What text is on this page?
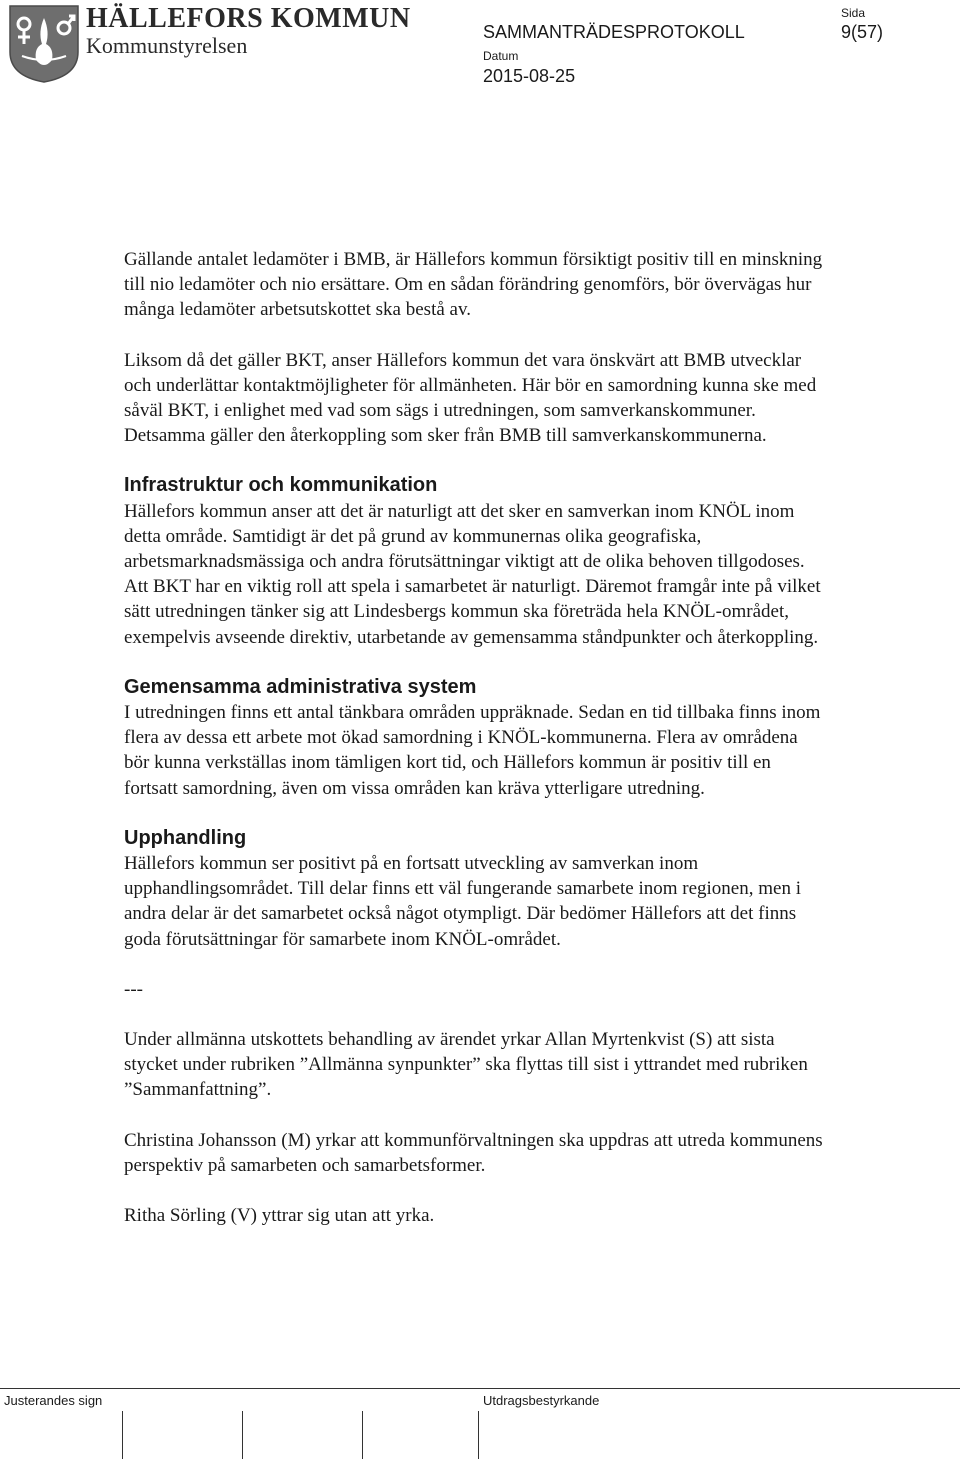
HÄLLEFORS KOMMUN
Kommunstyrelsen
SAMMANTRÄDESPROTOKOLL
Sida
9(57)
Datum
2015-08-25

Gällande antalet ledamöter i BMB, är Hällefors kommun försiktigt positiv till en minskning till nio ledamöter och nio ersättare. Om en sådan förändring genomförs, bör övervägas hur många ledamöter arbetsutskottet ska bestå av.

Liksom då det gäller BKT, anser Hällefors kommun det vara önskvärt att BMB utvecklar och underlättar kontaktmöjligheter för allmänheten. Här bör en samordning kunna ske med såväl BKT, i enlighet med vad som sägs i utredningen, som samverkanskommuner. Detsamma gäller den återkoppling som sker från BMB till samverkanskommunerna.

Infrastruktur och kommunikation

Hällefors kommun anser att det är naturligt att det sker en samverkan inom KNÖL inom detta område. Samtidigt är det på grund av kommunernas olika geografiska, arbetsmarknadsmässiga och andra förutsättningar viktigt att de olika behoven tillgodoses. Att BKT har en viktig roll att spela i samarbetet är naturligt. Däremot framgår inte på vilket sätt utredningen tänker sig att Lindesbergs kommun ska företräda hela KNÖL-området, exempelvis avseende direktiv, utarbetande av gemensamma ståndpunkter och återkoppling.

Gemensamma administrativa system

I utredningen finns ett antal tänkbara områden uppräknade. Sedan en tid tillbaka finns inom flera av dessa ett arbete mot ökad samordning i KNÖL-kommunerna. Flera av områdena bör kunna verkställas inom tämligen kort tid, och Hällefors kommun är positiv till en fortsatt samordning, även om vissa områden kan kräva ytterligare utredning.

Upphandling

Hällefors kommun ser positivt på en fortsatt utveckling av samverkan inom upphandlingsområdet. Till delar finns ett väl fungerande samarbete inom regionen, men i andra delar är det samarbetet också något otympligt. Där bedömer Hällefors att det finns goda förutsättningar för samarbete inom KNÖL-området.

---

Under allmänna utskottets behandling av ärendet yrkar Allan Myrtenkvist (S) att sista stycket under rubriken ”Allmänna synpunkter” ska flyttas till sist i yttrandet med rubriken ”Sammanfattning”.

Christina Johansson (M) yrkar att kommunförvaltningen ska uppdras att utreda kommunens perspektiv på samarbeten och samarbetsformer.

Ritha Sörling (V) yttrar sig utan att yrka.

Justerandes sign	Utdragsbestyrkande
